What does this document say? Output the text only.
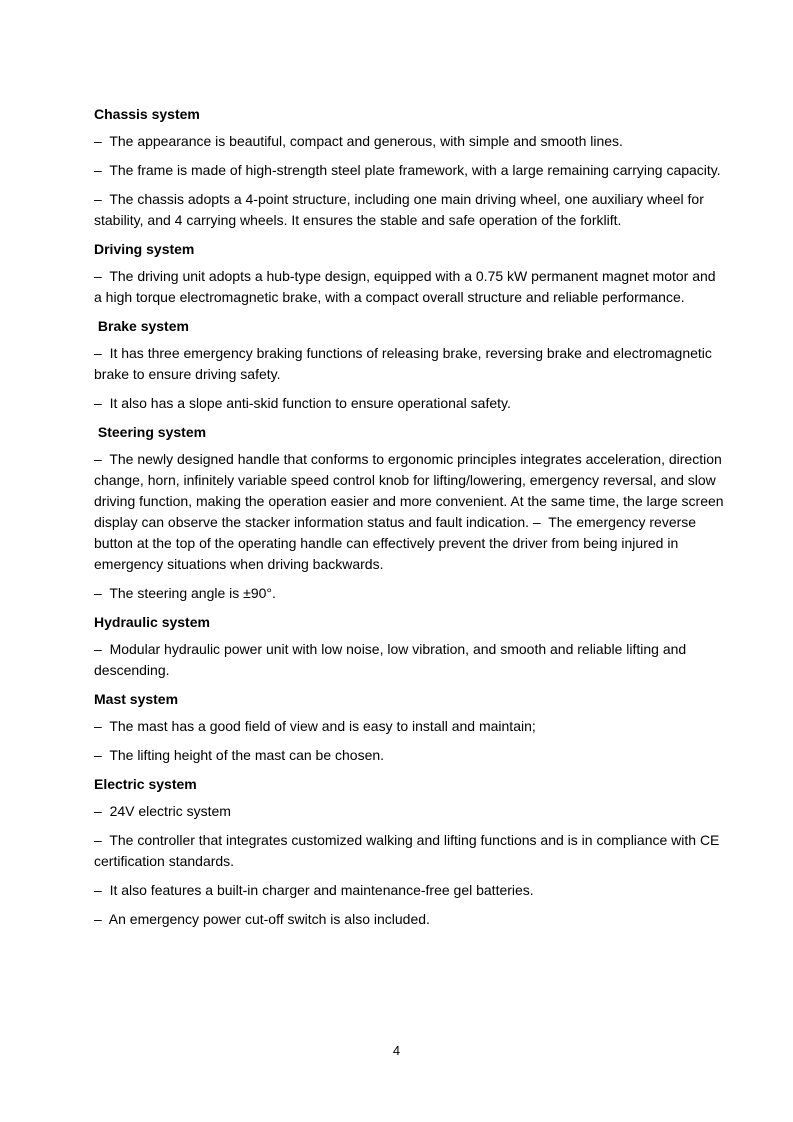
Chassis system

–  The appearance is beautiful, compact and generous, with simple and smooth lines.

–  The frame is made of high-strength steel plate framework, with a large remaining carrying capacity.

–  The chassis adopts a 4-point structure, including one main driving wheel, one auxiliary wheel for stability, and 4 carrying wheels. It ensures the stable and safe operation of the forklift.

Driving system

–  The driving unit adopts a hub-type design, equipped with a 0.75 kW permanent magnet motor and a high torque electromagnetic brake, with a compact overall structure and reliable performance.

Brake system

–  It has three emergency braking functions of releasing brake, reversing brake and electromagnetic brake to ensure driving safety.

–  It also has a slope anti-skid function to ensure operational safety.

Steering system

–  The newly designed handle that conforms to ergonomic principles integrates acceleration, direction change, horn, infinitely variable speed control knob for lifting/lowering, emergency reversal, and slow driving function, making the operation easier and more convenient. At the same time, the large screen display can observe the stacker information status and fault indication. –  The emergency reverse button at the top of the operating handle can effectively prevent the driver from being injured in emergency situations when driving backwards.

–  The steering angle is ±90°.

Hydraulic system

–  Modular hydraulic power unit with low noise, low vibration, and smooth and reliable lifting and descending.

Mast system

–  The mast has a good field of view and is easy to install and maintain;

–  The lifting height of the mast can be chosen.

Electric system

–  24V electric system

–  The controller that integrates customized walking and lifting functions and is in compliance with CE certification standards.

–  It also features a built-in charger and maintenance-free gel batteries.

–  An emergency power cut-off switch is also included.

4
